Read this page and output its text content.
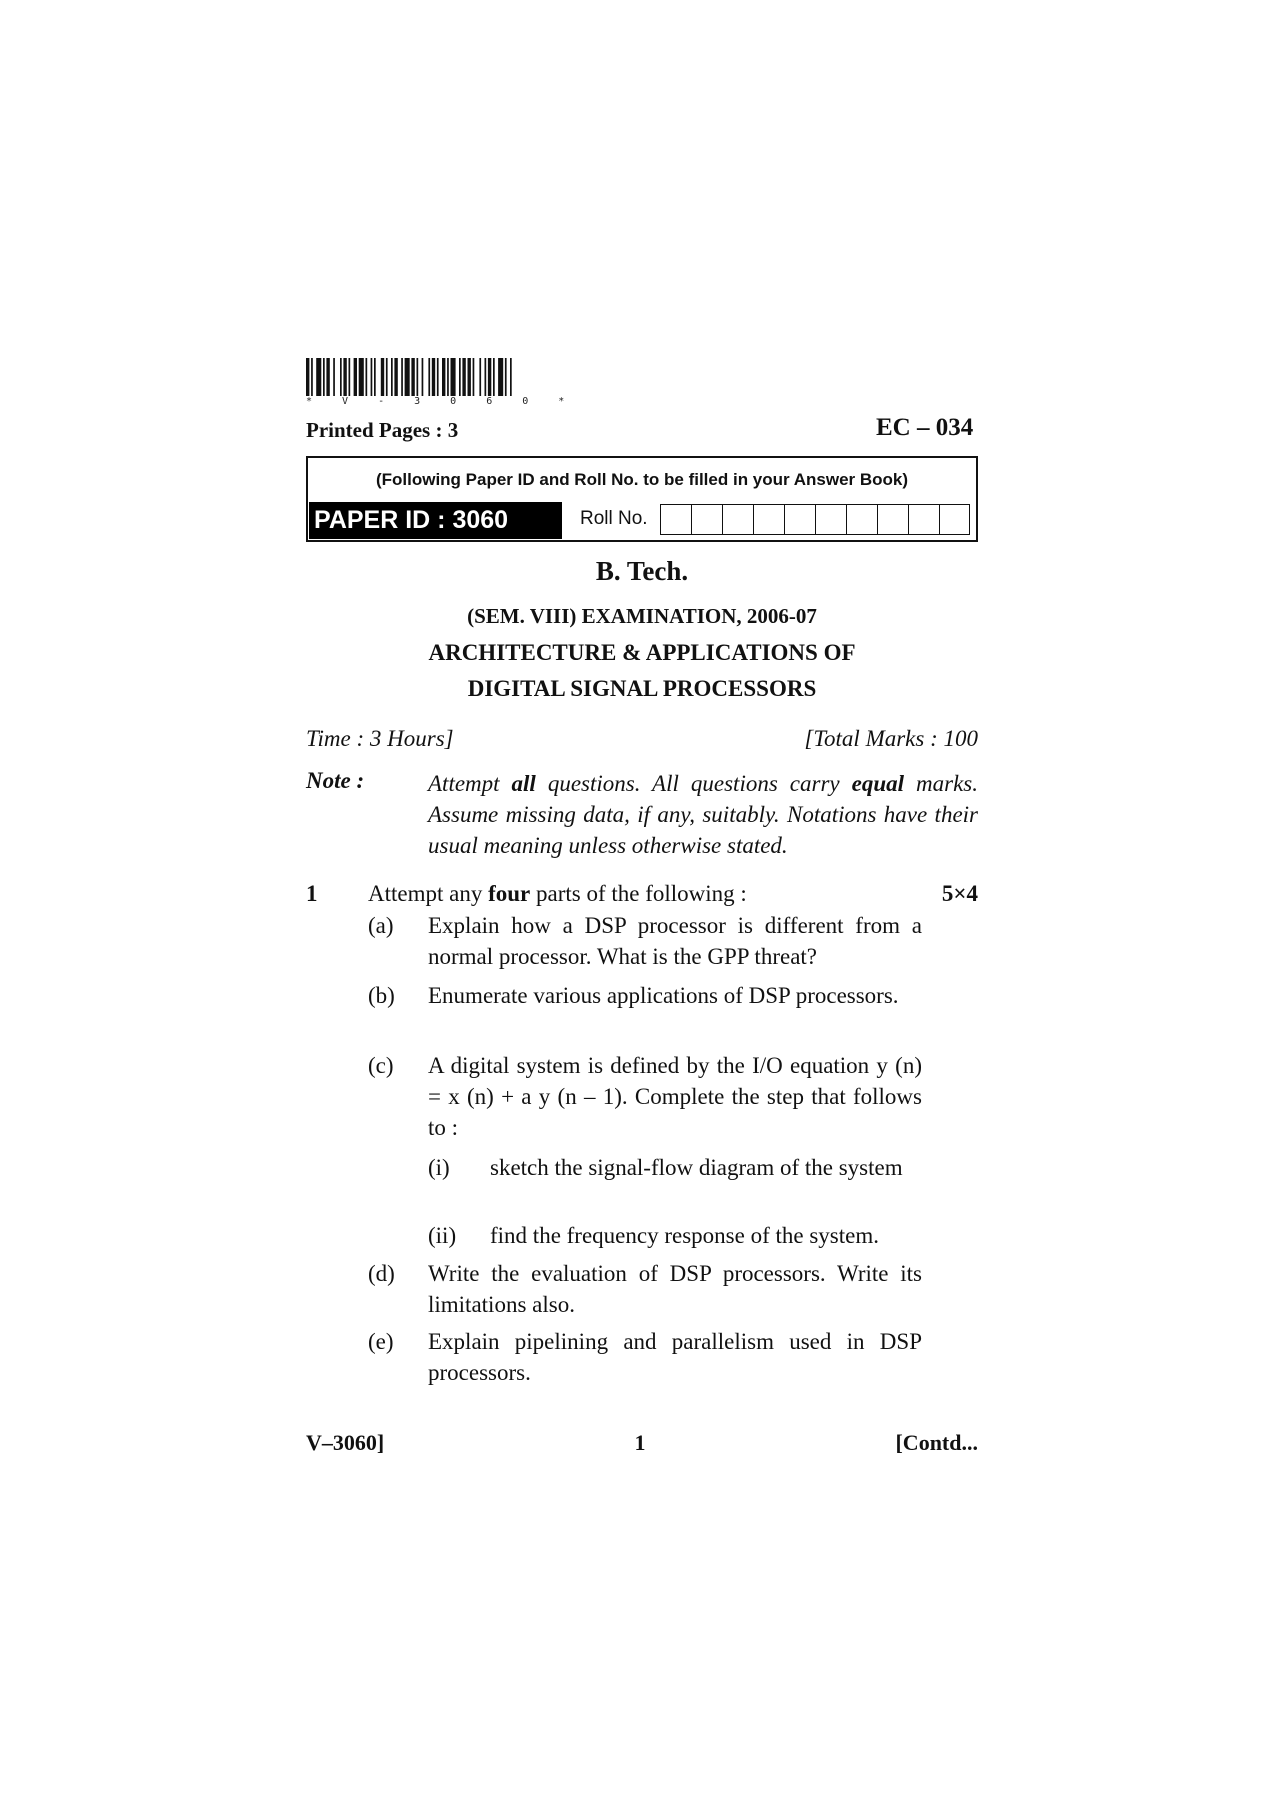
* V - 3 0 6 0 *
Printed Pages : 3	EC – 034
(Following Paper ID and Roll No. to be filled in your Answer Book)
PAPER ID : 3060	Roll No.
B. Tech.
(SEM. VIII) EXAMINATION, 2006-07
ARCHITECTURE & APPLICATIONS OF
DIGITAL SIGNAL PROCESSORS
Time : 3 Hours]	[Total Marks : 100
Note :	Attempt all questions. All questions carry equal marks. Assume missing data, if any, suitably. Notations have their usual meaning unless otherwise stated.
1 Attempt any four parts of the following :	5×4
(a) Explain how a DSP processor is different from a normal processor. What is the GPP threat?
(b) Enumerate various applications of DSP processors.
(c) A digital system is defined by the I/O equation y (n) = x (n) + a y (n – 1). Complete the step that follows to :
(i) sketch the signal-flow diagram of the system
(ii) find the frequency response of the system.
(d) Write the evaluation of DSP processors. Write its limitations also.
(e) Explain pipelining and parallelism used in DSP processors.
V–3060]	1	[Contd...
